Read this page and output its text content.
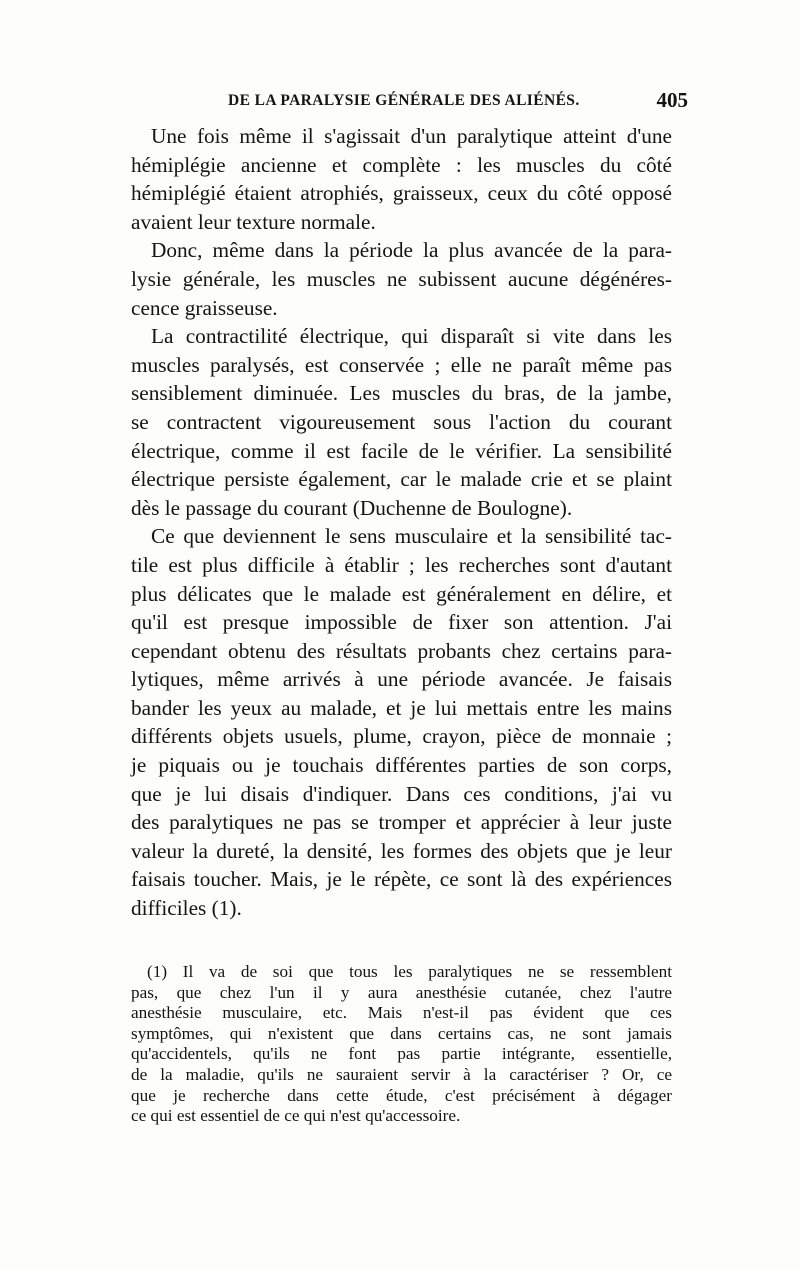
DE LA PARALYSIE GÉNÉRALE DES ALIÉNÉS.	405
Une fois même il s'agissait d'un paralytique atteint d'une
hémiplégie ancienne et complète : les muscles du côté
hémiplégié étaient atrophiés, graisseux, ceux du côté opposé
avaient leur texture normale.
Donc, même dans la période la plus avancée de la para-
lysie générale, les muscles ne subissent aucune dégénéres-
cence graisseuse.
La contractilité électrique, qui disparaît si vite dans les
muscles paralysés, est conservée ; elle ne paraît même pas
sensiblement diminuée. Les muscles du bras, de la jambe,
se contractent vigoureusement sous l'action du courant
électrique, comme il est facile de le vérifier. La sensibilité
électrique persiste également, car le malade crie et se plaint
dès le passage du courant (Duchenne de Boulogne).
Ce que deviennent le sens musculaire et la sensibilité tac-
tile est plus difficile à établir ; les recherches sont d'autant
plus délicates que le malade est généralement en délire, et
qu'il est presque impossible de fixer son attention. J'ai
cependant obtenu des résultats probants chez certains para-
lytiques, même arrivés à une période avancée. Je faisais
bander les yeux au malade, et je lui mettais entre les mains
différents objets usuels, plume, crayon, pièce de monnaie ;
je piquais ou je touchais différentes parties de son corps,
que je lui disais d'indiquer. Dans ces conditions, j'ai vu
des paralytiques ne pas se tromper et apprécier à leur juste
valeur la dureté, la densité, les formes des objets que je leur
faisais toucher. Mais, je le répète, ce sont là des expériences
difficiles (1).
(1) Il va de soi que tous les paralytiques ne se ressemblent
pas, que chez l'un il y aura anesthésie cutanée, chez l'autre
anesthésie musculaire, etc. Mais n'est-il pas évident que ces
symptômes, qui n'existent que dans certains cas, ne sont jamais
qu'accidentels, qu'ils ne font pas partie intégrante, essentielle,
de la maladie, qu'ils ne sauraient servir à la caractériser ? Or, ce
que je recherche dans cette étude, c'est précisément à dégager
ce qui est essentiel de ce qui n'est qu'accessoire.
